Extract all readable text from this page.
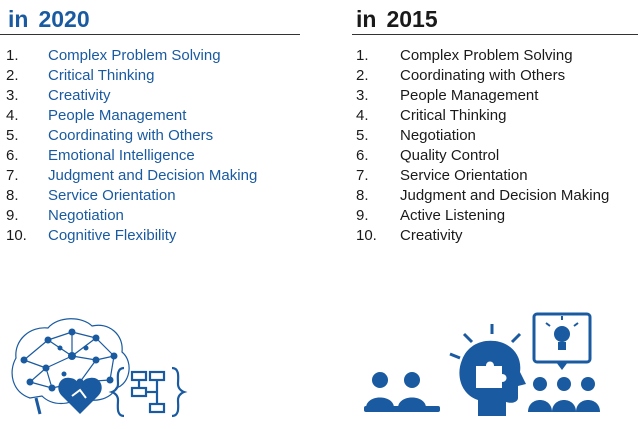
in 2020
1.	Complex Problem Solving
2.	Critical Thinking
3.	Creativity
4.	People Management
5.	Coordinating with Others
6.	Emotional Intelligence
7.	Judgment and Decision Making
8.	Service Orientation
9.	Negotiation
10.	Cognitive Flexibility
in 2015
1.	Complex Problem Solving
2.	Coordinating with Others
3.	People Management
4.	Critical Thinking
5.	Negotiation
6.	Quality Control
7.	Service Orientation
8.	Judgment and Decision Making
9.	Active Listening
10.	Creativity
